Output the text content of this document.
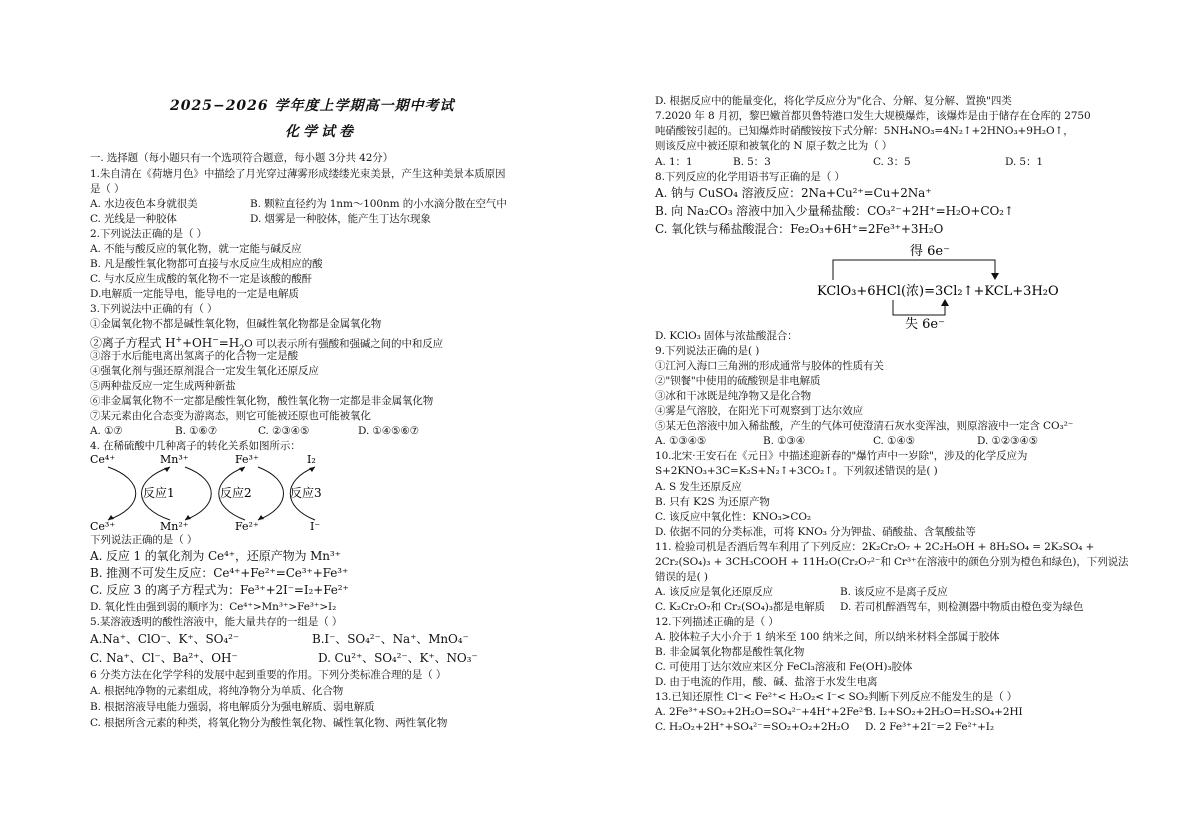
2025−2026 学年度上学期高一期中考试
化学试卷
一. 选择题（每小题只有一个选项符合题意，每小题 3分共 42分）
1.朱自清在《荷塘月色》中描绘了月光穿过薄雾形成缕缕光束美景，产生这种美景本质原因
是（ ）
A. 水边夜色本身就很美	B. 颗粒直径约为 1nm～100nm 的小水滴分散在空气中
C. 光线是一种胶体	D. 烟雾是一种胶体，能产生丁达尔现象
2.下列说法正确的是（ ）
A. 不能与酸反应的氧化物，就一定能与碱反应
B. 凡是酸性氧化物都可直接与水反应生成相应的酸
C. 与水反应生成酸的氧化物不一定是该酸的酸酐
D.电解质一定能导电，能导电的一定是电解质
3.下列说法中正确的有（ ）
①金属氧化物不都是碱性氧化物，但碱性氧化物都是金属氧化物
②离子方程式 $H^++OH^-=H_2O$ 可以表示所有强酸和强碱之间的中和反应
③溶于水后能电离出氢离子的化合物一定是酸
④强氧化剂与强还原剂混合一定发生氧化还原反应
⑤两种盐反应一定生成两种新盐
⑥非金属氧化物不一定都是酸性氧化物，酸性氧化物一定都是非金属氧化物
⑦某元素由化合态变为游离态，则它可能被还原也可能被氧化
A. ①⑦	B. ①⑥⑦	C. ②③④⑤	D. ①④⑤⑥⑦
4. 在稀硫酸中几种离子的转化关系如图所示：
Ce⁴⁺	Mn³⁺	Fe³⁺	I₂
Ce³⁺	Mn²⁺	Fe²⁺	I⁻
反应1	反应2	反应3
下列说法正确的是（ ）
A. 反应 1 的氧化剂为 Ce⁴⁺，还原产物为 Mn³⁺
B. 推测不可发生反应：Ce⁴⁺+Fe²⁺=Ce³⁺+Fe³⁺
C. 反应 3 的离子方程式为：Fe³⁺+2I⁻=I₂+Fe²⁺
D. 氧化性由强到弱的顺序为：Ce⁴⁺>Mn³⁺>Fe³⁺>I₂
5.某溶液透明的酸性溶液中，能大量共存的一组是（ ）
A.Na⁺、ClO⁻、K⁺、SO₄²⁻	B.I⁻、SO₄²⁻、Na⁺、MnO₄⁻
C. Na⁺、Cl⁻、Ba²⁺、OH⁻	D. Cu²⁺、SO₄²⁻、K⁺、NO₃⁻
6 分类方法在化学学科的发展中起到重要的作用。下列分类标准合理的是（ ）
A. 根据纯净物的元素组成，将纯净物分为单质、化合物
B. 根据溶液导电能力强弱，将电解质分为强电解质、弱电解质
C. 根据所含元素的种类，将氧化物分为酸性氧化物、碱性氧化物、两性氧化物
D. 根据反应中的能量变化，将化学反应分为"化合、分解、复分解、置换"四类
7.2020 年 8 月初，黎巴嫩首都贝鲁特港口发生大规模爆炸，该爆炸是由于储存在仓库的 2750
吨硝酸铵引起的。已知爆炸时硝酸铵按下式分解：5NH₄NO₃=4N₂↑+2HNO₃+9H₂O↑，
则该反应中被还原和被氧化的 N 原子数之比为（ ）
A. 1：1	B. 5：3	C. 3：5	D. 5：1
8.下列反应的化学用语书写正确的是（ ）
A. 钠与 CuSO₄ 溶液反应：2Na+Cu²⁺=Cu+2Na⁺
B. 向 Na₂CO₃ 溶液中加入少量稀盐酸：CO₃²⁻+2H⁺=H₂O+CO₂↑
C. 氧化铁与稀盐酸混合：Fe₂O₃+6H⁺=2Fe³⁺+3H₂O
得 6e⁻
KClO₃+6HCl(浓)=3Cl₂↑+KCL+3H₂O
失 6e⁻
D. KClO₃ 固体与浓盐酸混合：
9.下列说法正确的是( )
①江河入海口三角洲的形成通常与胶体的性质有关
②"钡餐"中使用的硫酸钡是非电解质
③冰和干冰既是纯净物又是化合物
④雾是气溶胶，在阳光下可观察到丁达尔效应
⑤某无色溶液中加入稀盐酸，产生的气体可使澄清石灰水变浑浊，则原溶液中一定含 CO₃²⁻
A. ①③④⑤	B. ①③④	C. ①④⑤	D. ①②③④⑤
10.北宋·王安石在《元日》中描述迎新春的"爆竹声中一岁除"，涉及的化学反应为
S+2KNO₃+3C=K₂S+N₂↑+3CO₂↑。下列叙述错误的是( )
A. S 发生还原反应
B. 只有 K2S 为还原产物
C. 该反应中氧化性：KNO₃>CO₂
D. 依据不同的分类标准，可将 KNO₃ 分为钾盐、硝酸盐、含氧酸盐等
11. 检验司机是否酒后驾车利用了下列反应：2K₂Cr₂O₇ + 2C₂H₅OH + 8H₂SO₄ = 2K₂SO₄ +
2Cr₂(SO₄)₃ + 3CH₃COOH + 11H₂O(Cr₂O₇²⁻和 Cr³⁺在溶液中的颜色分别为橙色和绿色)，下列说法
错误的是( )
A. 该反应是氧化还原反应	B. 该反应不是离子反应
C. K₂Cr₂O₇和 Cr₂(SO₄)₃都是电解质 D. 若司机醉酒驾车，则检测器中物质由橙色变为绿色
12.下列描述正确的是（ ）
A. 胶体粒子大小介于 1 纳米至 100 纳米之间，所以纳米材料全部属于胶体
B. 非金属氧化物都是酸性氧化物
C. 可使用丁达尔效应来区分 FeCl₃溶液和 Fe(OH)₃胶体
D. 由于电流的作用，酸、碱、盐溶于水发生电离
13.已知还原性 Cl⁻< Fe²⁺< H₂O₂< I⁻< SO₂判断下列反应不能发生的是（ ）
A. 2Fe³⁺+SO₂+2H₂O=SO₄²⁻+4H⁺+2Fe²⁺
B. I₂+SO₂+2H₂O=H₂SO₄+2HI
C. H₂O₂+2H⁺+SO₄²⁻=SO₂+O₂+2H₂O D. 2 Fe³⁺+2I⁻=2 Fe²⁺+I₂
